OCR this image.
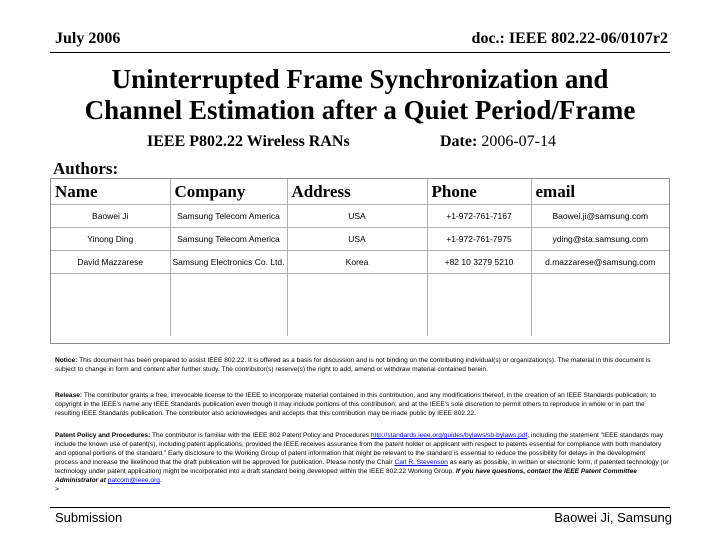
July 2006	doc.: IEEE 802.22-06/0107r2
Uninterrupted Frame Synchronization and
Channel Estimation after a Quiet Period/Frame
IEEE P802.22 Wireless RANs	Date: 2006-07-14
Authors:
Name	Company	Address	Phone	email
Baowei Ji	Samsung Telecom America	USA	+1-972-761-7167	Baowei.ji@samsung.com
Yinong Ding	Samsung Telecom America	USA	+1-972-761-7975	yding@sta.samsung.com
David Mazzarese	Samsung Electronics Co. Ltd.	Korea	+82 10 3279 5210	d.mazzarese@samsung.com

Notice: This document has been prepared to assist IEEE 802.22. It is offered as a basis for discussion and is not binding on the contributing individual(s) or organization(s). The material in this document is subject to change in form and content after further study. The contributor(s) reserve(s) the right to add, amend or withdraw material contained herein.
Release: The contributor grants a free, irrevocable license to the IEEE to incorporate material contained in this contribution, and any modifications thereof, in the creation of an IEEE Standards publication; to copyright in the IEEE's name any IEEE Standards publication even though it may include portions of this contribution; and at the IEEE's sole discretion to permit others to reproduce in whole or in part the resulting IEEE Standards publication. The contributor also acknowledges and accepts that this contribution may be made public by IEEE 802.22.
Patent Policy and Procedures: The contributor is familiar with the IEEE 802 Patent Policy and Procedures http://standards.ieee.org/guides/bylaws/sb-bylaws.pdf, including the statement "IEEE standards may include the known use of patent(s), including patent applications, provided the IEEE receives assurance from the patent holder or applicant with respect to patents essential for compliance with both mandatory and optional portions of the standard." Early disclosure to the Working Group of patent information that might be relevant to the standard is essential to reduce the possibility for delays in the development process and increase the likelihood that the draft publication will be approved for publication. Please notify the Chair Carl R. Stevenson as early as possible, in written or electronic form, if patented technology (or technology under patent application) might be incorporated into a draft standard being developed within the IEEE 802.22 Working Group. If you have questions, contact the IEEE Patent Committee Administrator at patcom@ieee.org.
>
Submission	Baowei Ji, Samsung
